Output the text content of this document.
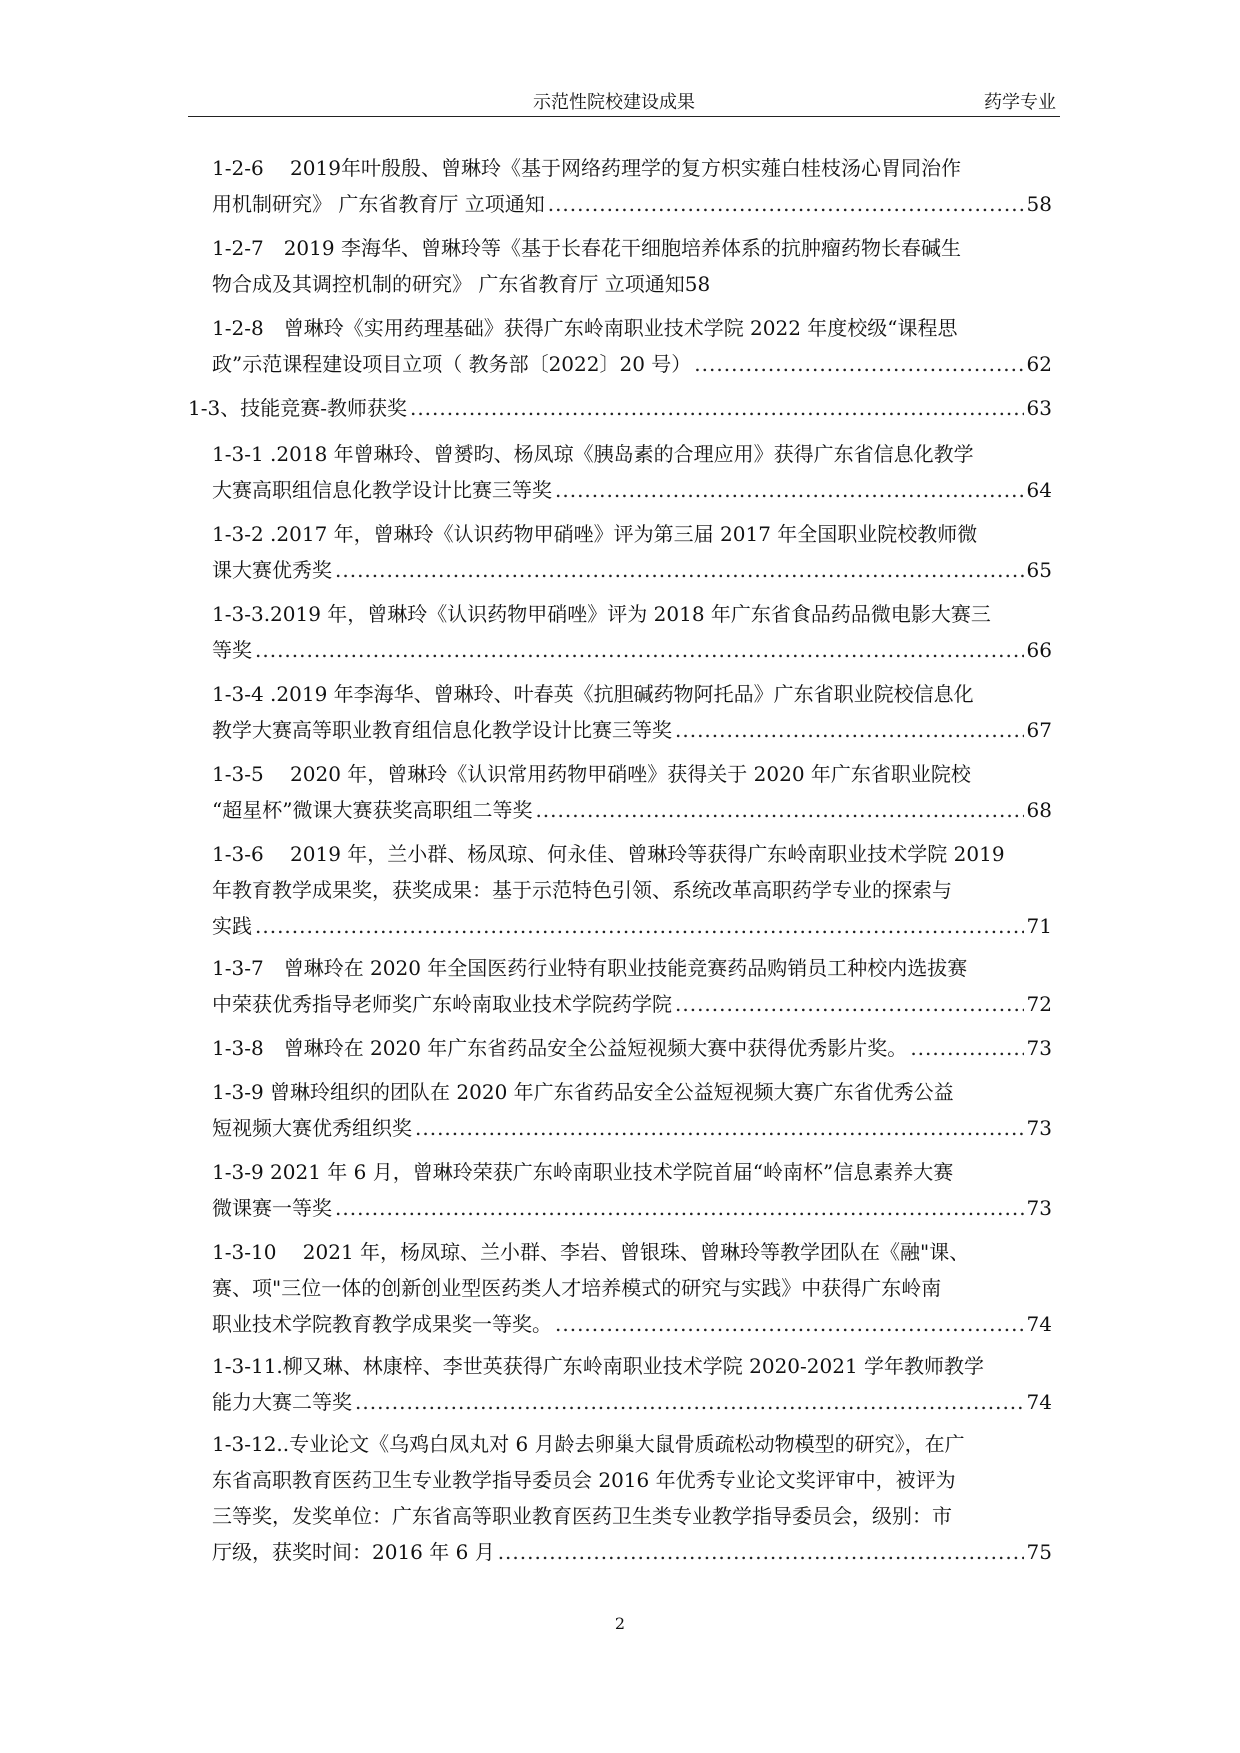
示范性院校建设成果	药学专业
1-2-6　 2019年叶殷殷、曾琳玲《基于网络药理学的复方枳实薤白桂枝汤心胃同治作
用机制研究》 广东省教育厅 立项通知 .....	58
1-2-7　2019 李海华、曾琳玲等《基于长春花干细胞培养体系的抗肿瘤药物长春碱生
物合成及其调控机制的研究》 广东省教育厅 立项通知58
1-2-8　曾琳玲《实用药理基础》获得广东岭南职业技术学院 2022 年度校级“课程思
政”示范课程建设项目立项（ 教务部〔2022〕20 号） .....	62
1-3、技能竞赛-教师获奖 .....	63
1-3-1 .2018 年曾琳玲、曾赟昀、杨凤琼《胰岛素的合理应用》获得广东省信息化教学
大赛高职组信息化教学设计比赛三等奖 .....	64
1-3-2 .2017 年，曾琳玲《认识药物甲硝唑》评为第三届 2017 年全国职业院校教师微
课大赛优秀奖 .....	65
1-3-3.2019 年，曾琳玲《认识药物甲硝唑》评为 2018 年广东省食品药品微电影大赛三
等奖 .....	66
1-3-4 .2019 年李海华、曾琳玲、叶春英《抗胆碱药物阿托品》广东省职业院校信息化
教学大赛高等职业教育组信息化教学设计比赛三等奖 .....	67
1-3-5　 2020 年，曾琳玲《认识常用药物甲硝唑》获得关于 2020 年广东省职业院校
“超星杯”微课大赛获奖高职组二等奖 .....	68
1-3-6　 2019 年，兰小群、杨凤琼、何永佳、曾琳玲等获得广东岭南职业技术学院 2019
年教育教学成果奖，获奖成果：基于示范特色引领、系统改革高职药学专业的探索与
实践 .....	71
1-3-7　曾琳玲在 2020 年全国医药行业特有职业技能竞赛药品购销员工种校内选拔赛
中荣获优秀指导老师奖广东岭南取业技术学院药学院 .....	72
1-3-8　曾琳玲在 2020 年广东省药品安全公益短视频大赛中获得优秀影片奖。 .....	73
1-3-9 曾琳玲组织的团队在 2020 年广东省药品安全公益短视频大赛广东省优秀公益
短视频大赛优秀组织奖 .....	73
1-3-9 2021 年 6 月，曾琳玲荣获广东岭南职业技术学院首届“岭南杯”信息素养大赛
微课赛一等奖 .....	73
1-3-10　 2021 年，杨凤琼、兰小群、李岩、曾银珠、曾琳玲等教学团队在《融"课、
赛、项"三位一体的创新创业型医药类人才培养模式的研究与实践》中获得广东岭南
职业技术学院教育教学成果奖一等奖。 .....	74
1-3-11.柳又琳、林康梓、李世英获得广东岭南职业技术学院 2020-2021 学年教师教学
能力大赛二等奖 .....	74
1-3-12..专业论文《乌鸡白凤丸对 6 月龄去卵巢大鼠骨质疏松动物模型的研究》，在广
东省高职教育医药卫生专业教学指导委员会 2016 年优秀专业论文奖评审中，被评为
三等奖，发奖单位：广东省高等职业教育医药卫生类专业教学指导委员会，级别：市
厅级，获奖时间：2016 年 6 月 .....	75
2
